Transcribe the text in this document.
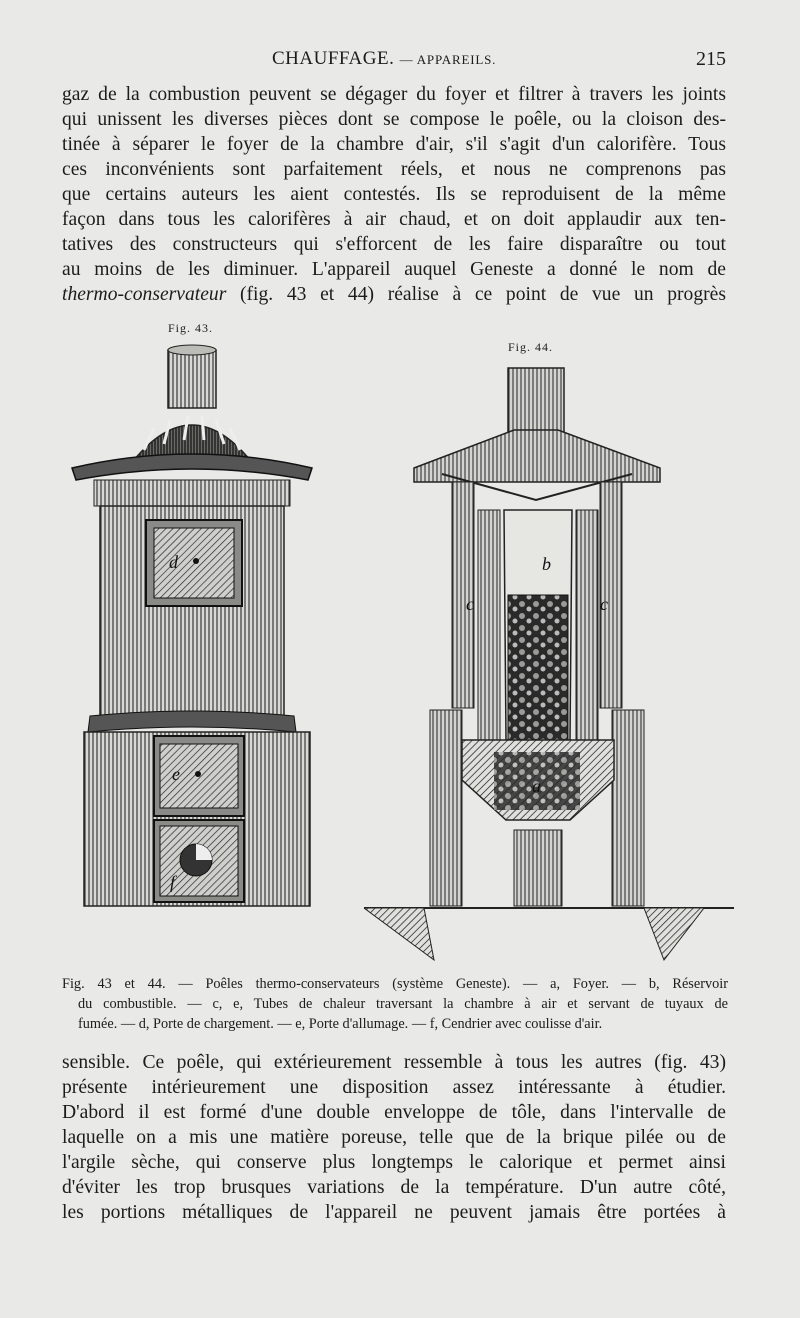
CHAUFFAGE. — APPAREILS.	215
gaz de la combustion peuvent se dégager du foyer et filtrer à travers les joints
qui unissent les diverses pièces dont se compose le poêle, ou la cloison des-
tinée à séparer le foyer de la chambre d'air, s'il s'agit d'un calorifère. Tous
ces inconvénients sont parfaitement réels, et nous ne comprenons pas
que certains auteurs les aient contestés. Ils se reproduisent de la même
façon dans tous les calorifères à air chaud, et on doit applaudir aux ten-
tatives des constructeurs qui s'efforcent de les faire disparaître ou tout
au moins de les diminuer. L'appareil auquel Geneste a donné le nom de
thermo-conservateur (fig. 43 et 44) réalise à ce point de vue un progrès
Fig. 43.
Fig. 44.
d
e
f
c	c
b
a
Fig. 43 et 44. — Poêles thermo-conservateurs (système Geneste). — a, Foyer. — b, Réservoir
du combustible. — c, e, Tubes de chaleur traversant la chambre à air et servant de tuyaux de
fumée. — d, Porte de chargement. — e, Porte d'allumage. — f, Cendrier avec coulisse d'air.
sensible. Ce poêle, qui extérieurement ressemble à tous les autres (fig. 43)
présente intérieurement une disposition assez intéressante à étudier.
D'abord il est formé d'une double enveloppe de tôle, dans l'intervalle de
laquelle on a mis une matière poreuse, telle que de la brique pilée ou de
l'argile sèche, qui conserve plus longtemps le calorique et permet ainsi
d'éviter les trop brusques variations de la température. D'un autre côté,
les portions métalliques de l'appareil ne peuvent jamais être portées à
